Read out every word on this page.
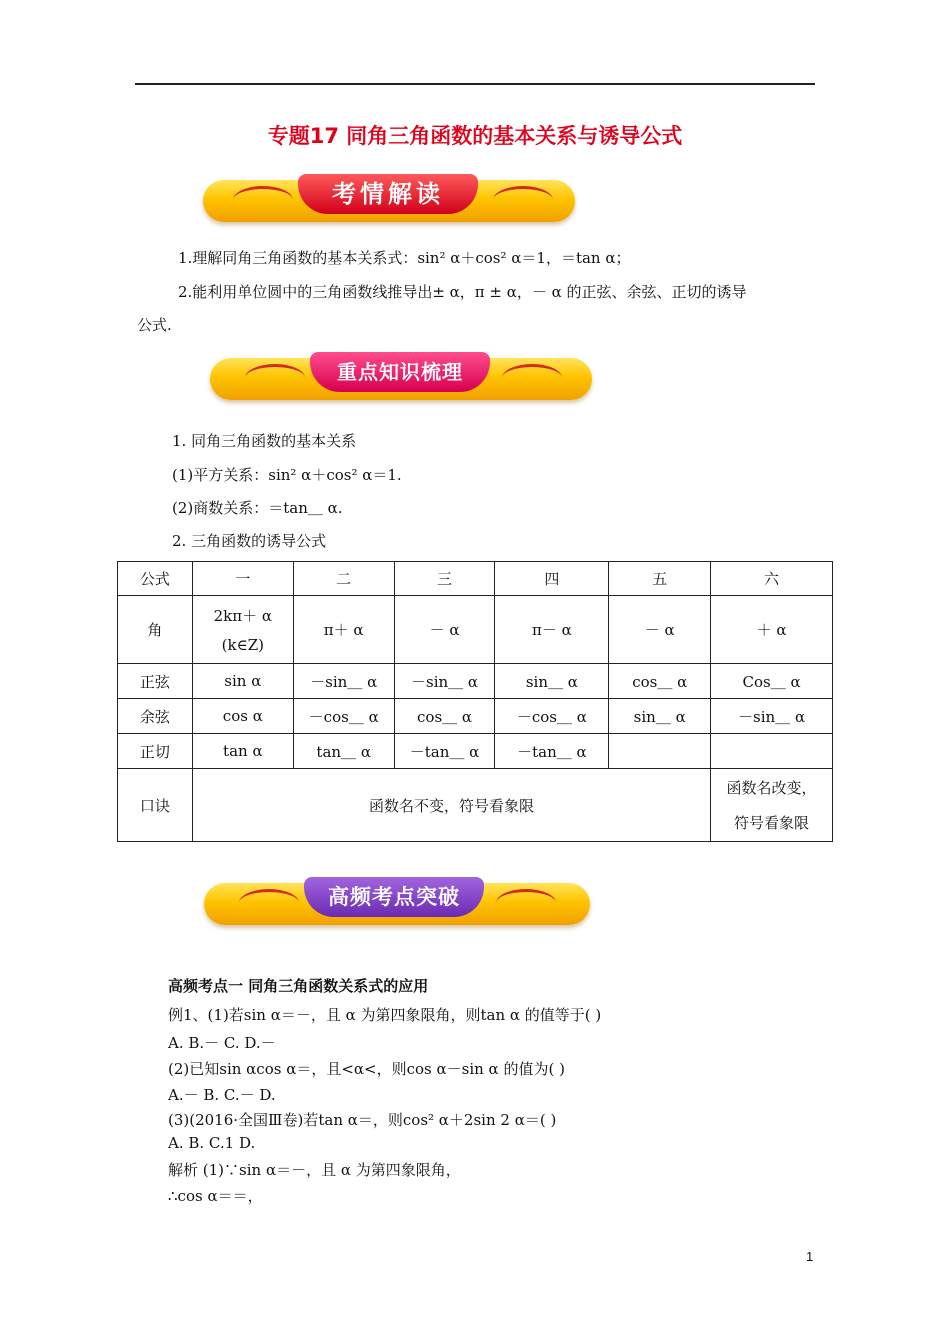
专题17 同角三角函数的基本关系与诱导公式
考情解读
1.理解同角三角函数的基本关系式：sin² α＋cos² α＝1，＝tan α；
2.能利用单位圆中的三角函数线推导出± α，π ± α，－ α 的正弦、余弦、正切的诱导
公式.
重点知识梳理
1. 同角三角函数的基本关系
(1)平方关系：sin² α＋cos² α＝1.
(2)商数关系：＝tan＿ α.
2. 三角函数的诱导公式
公式	一	二	三	四	五	六
角	2kπ＋ α
(k∈Z)	π＋ α	－ α	π－ α	－ α	＋ α
正弦	sin α	－sin＿ α	－sin＿ α	sin＿ α	cos＿ α	Cos＿ α
余弦	cos α	－cos＿ α	cos＿ α	－cos＿ α	sin＿ α	－sin＿ α
正切	tan α	tan＿ α	－tan＿ α	－tan＿ α		
口诀	函数名不变，符号看象限					函数名改变，
符号看象限
高频考点突破
高频考点一 同角三角函数关系式的应用
例1、(1)若sin α＝－，且 α 为第四象限角，则tan α 的值等于( )
A. B.－ C. D.－
(2)已知sin αcos α＝，且<α<，则cos α－sin α 的值为( )
A.－ B. C.－ D.
(3)(2016·全国Ⅲ卷)若tan α＝，则cos² α＋2sin 2 α＝( )
A. B. C.1 D.
解析 (1)∵sin α＝－，且 α 为第四象限角，
∴cos α＝＝，
1
